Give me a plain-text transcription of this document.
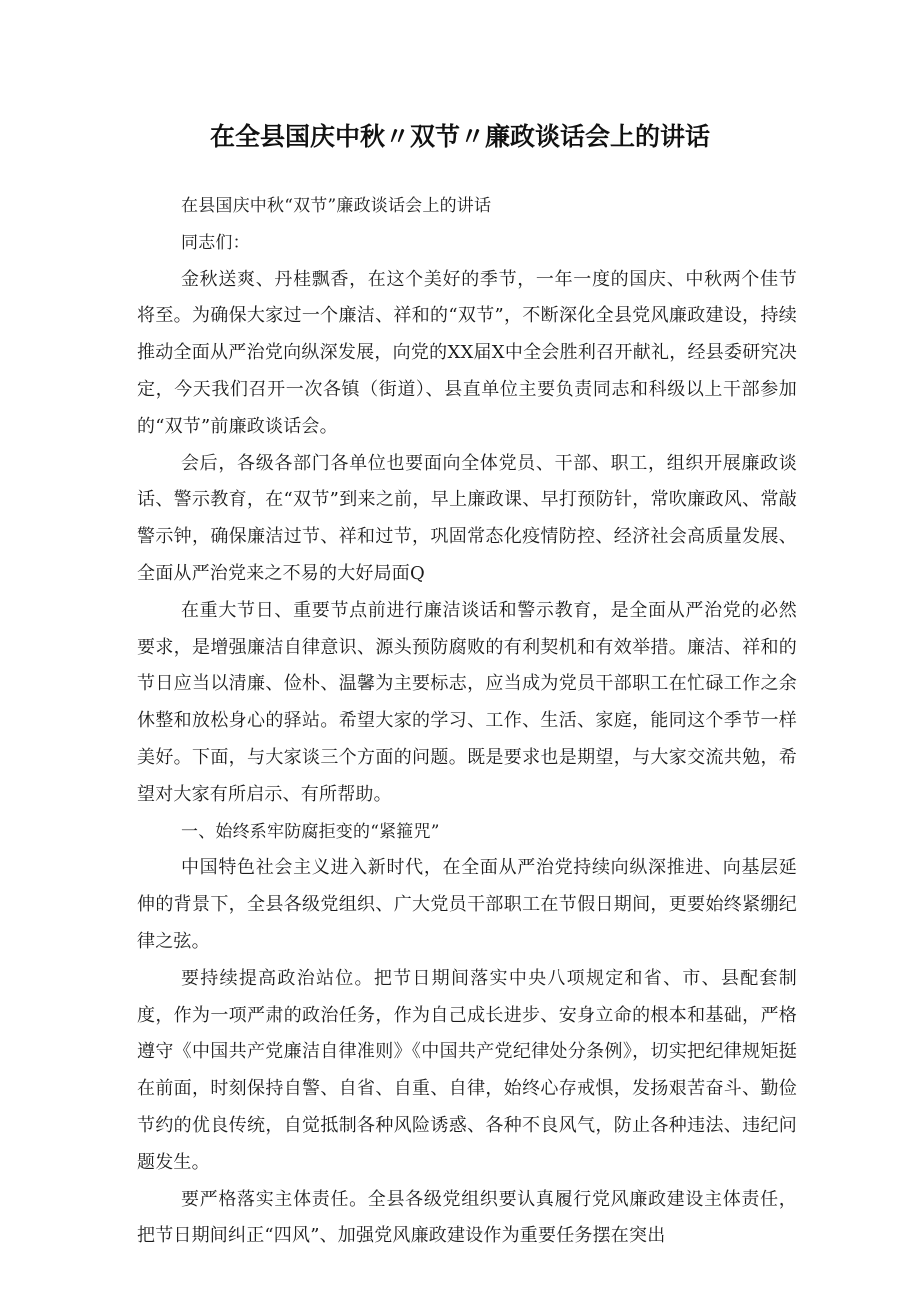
在全县国庆中秋〃双节〃廉政谈话会上的讲话

在县国庆中秋“双节”廉政谈话会上的讲话

同志们：

金秋送爽、丹桂飘香，在这个美好的季节，一年一度的国庆、中秋两个佳节将至。为确保大家过一个廉洁、祥和的“双节”，不断深化全县党风廉政建设，持续推动全面从严治党向纵深发展，向党的XX届X中全会胜利召开献礼，经县委研究决定，今天我们召开一次各镇（街道）、县直单位主要负责同志和科级以上干部参加的“双节”前廉政谈话会。

会后，各级各部门各单位也要面向全体党员、干部、职工，组织开展廉政谈话、警示教育，在“双节”到来之前，早上廉政课、早打预防针，常吹廉政风、常敲警示钟，确保廉洁过节、祥和过节，巩固常态化疫情防控、经济社会高质量发展、全面从严治党来之不易的大好局面Q

在重大节日、重要节点前进行廉洁谈话和警示教育，是全面从严治党的必然要求，是增强廉洁自律意识、源头预防腐败的有利契机和有效举措。廉洁、祥和的节日应当以清廉、俭朴、温馨为主要标志，应当成为党员干部职工在忙碌工作之余休整和放松身心的驿站。希望大家的学习、工作、生活、家庭，能同这个季节一样美好。下面，与大家谈三个方面的问题。既是要求也是期望，与大家交流共勉，希望对大家有所启示、有所帮助。

一、始终系牢防腐拒变的“紧箍咒”

中国特色社会主义进入新时代，在全面从严治党持续向纵深推进、向基层延伸的背景下，全县各级党组织、广大党员干部职工在节假日期间，更要始终紧绷纪律之弦。

要持续提高政治站位。把节日期间落实中央八项规定和省、市、县配套制度，作为一项严肃的政治任务，作为自己成长进步、安身立命的根本和基础，严格遵守《中国共产党廉洁自律准则》《中国共产党纪律处分条例》，切实把纪律规矩挺在前面，时刻保持自警、自省、自重、自律，始终心存戒惧，发扬艰苦奋斗、勤俭节约的优良传统，自觉抵制各种风险诱惑、各种不良风气，防止各种违法、违纪问题发生。

要严格落实主体责任。全县各级党组织要认真履行党风廉政建设主体责任，把节日期间纠正“四风”、加强党风廉政建设作为重要任务摆在突出
